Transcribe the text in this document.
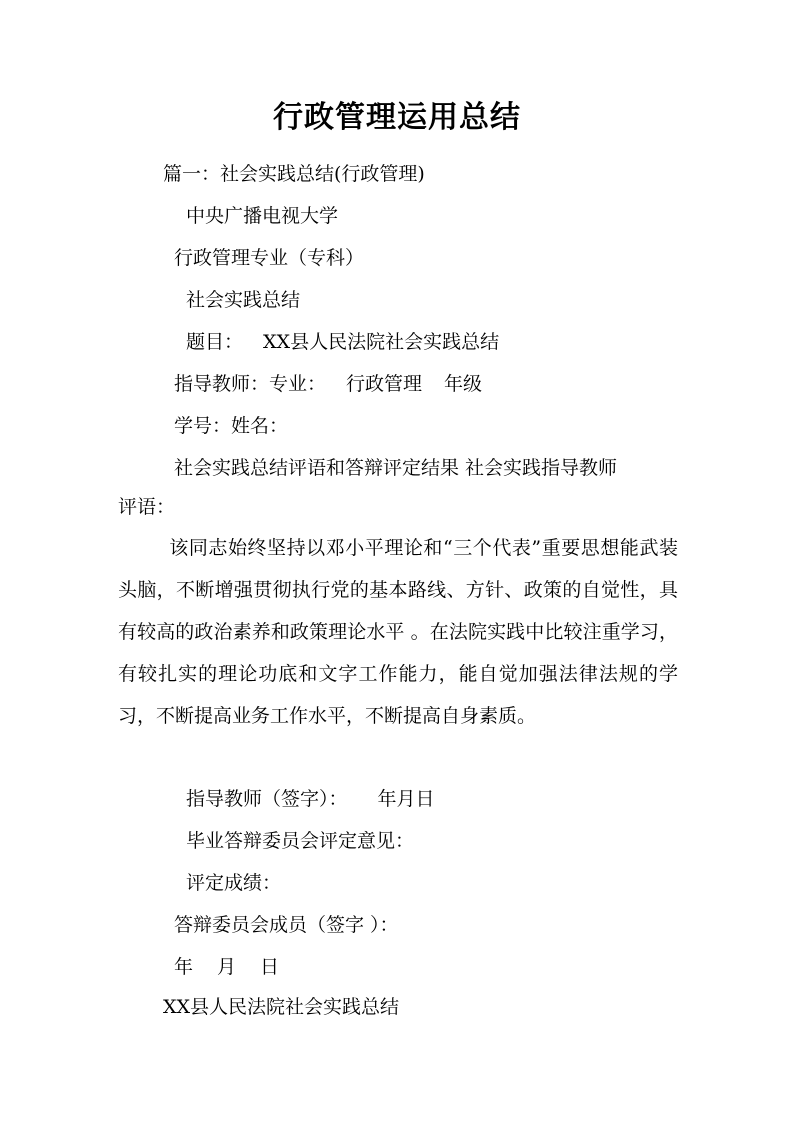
行政管理运用总结
篇一：社会实践总结(行政管理)
中央广播电视大学
行政管理专业（专科）
社会实践总结
题目： XX县人民法院社会实践总结
指导教师：专业： 行政管理 年级
学号：姓名：
社会实践总结评语和答辩评定结果 社会实践指导教师
评语：

该同志始终坚持以邓小平理论和“三个代表”重要思想能武装头脑，不断增强贯彻执行党的基本路线、方针、政策的自觉性，具有较高的政治素养和政策理论水平 。在法院实践中比较注重学习，有较扎实的理论功底和文字工作能力，能自觉加强法律法规的学习，不断提高业务工作水平，不断提高自身素质。

指导教师（签字）： 年月日
毕业答辩委员会评定意见：
评定成绩：
答辩委员会成员（签字 ）：
年 月 日
XX县人民法院社会实践总结
